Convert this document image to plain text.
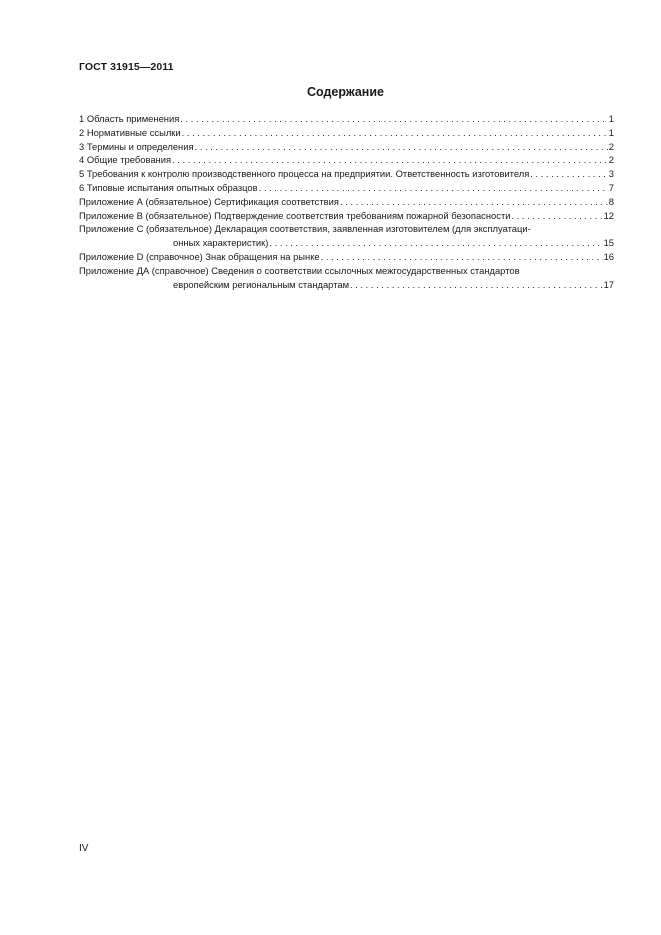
ГОСТ 31915—2011
Содержание
1 Область применения . . .	1
2 Нормативные ссылки . . .	1
3 Термины и определения . . .	2
4 Общие требования . . .	2
5 Требования к контролю производственного процесса на предприятии. Ответственность изготовителя . . .	3
6 Типовые испытания опытных образцов . . .	7
Приложение А (обязательное) Сертификация соответствия . . .	8
Приложение В (обязательное) Подтверждение соответствия требованиям пожарной безопасности . . .	12
Приложение С (обязательное) Декларация соответствия, заявленная изготовителем (для эксплуатаци-
онных характеристик) . . .	15
Приложение D (справочное) Знак обращения на рынке . . .	16
Приложение ДА (справочное) Сведения о соответствии ссылочных межгосударственных стандартов
европейским региональным стандартам . . .	17
IV
